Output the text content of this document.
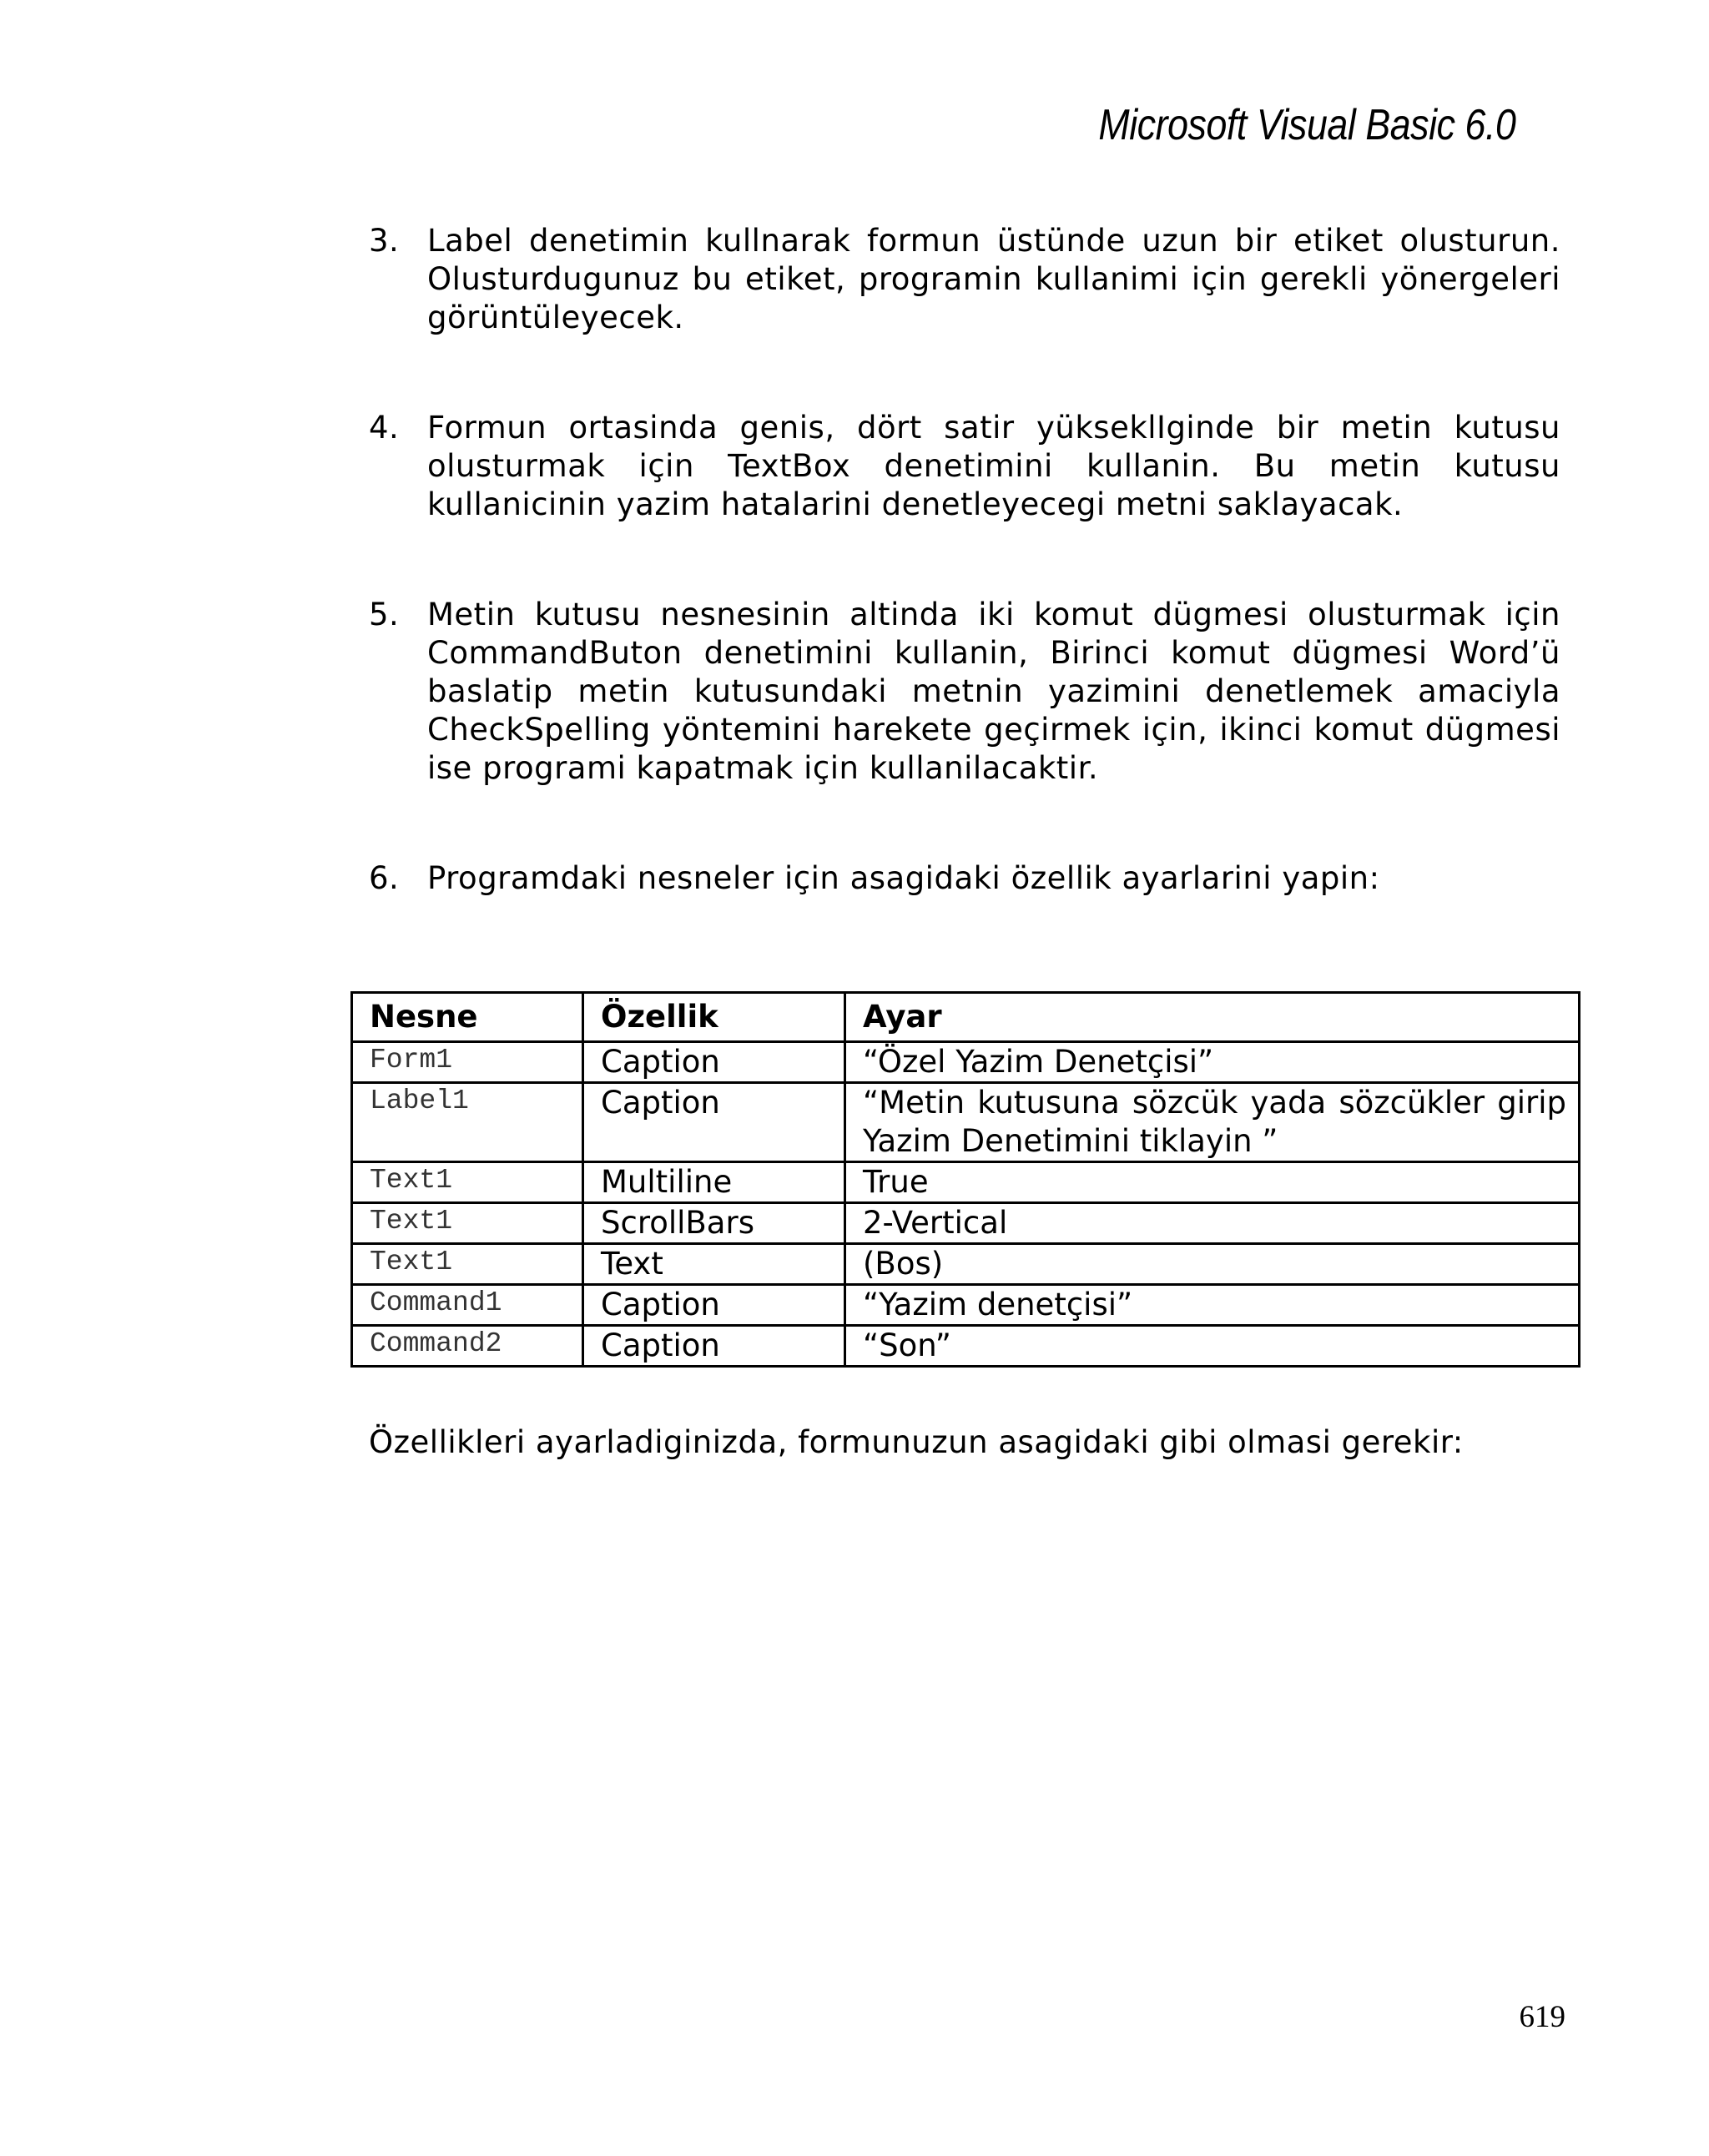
Microsoft Visual Basic 6.0
3. Label denetimin kullnarak formun üstünde uzun bir etiket olusturun. Olusturdugunuz bu etiket, programin kullanimi için gerekli yönergeleri görüntüleyecek.
4. Formun ortasinda genis, dört satir yükseklIginde bir metin kutusu olusturmak için TextBox denetimini kullanin. Bu metin kutusu kullanicinin yazim hatalarini denetleyecegi metni saklayacak.
5. Metin kutusu nesnesinin altinda iki komut dügmesi olusturmak için CommandButon denetimini kullanin, Birinci komut dügmesi Word’ü baslatip metin kutusundaki metnin yazimini denetlemek amaciyla CheckSpelling yöntemini harekete geçirmek için, ikinci komut dügmesi ise programi kapatmak için kullanilacaktir.
6. Programdaki nesneler için asagidaki özellik ayarlarini yapin:
Nesne	Özellik	Ayar
Form1	Caption	“Özel Yazim Denetçisi”
Label1	Caption	“Metin kutusuna sözcük yada sözcükler girip Yazim Denetimini tiklayin ”
Text1	Multiline	True
Text1	ScrollBars	2-Vertical
Text1	Text	(Bos)
Command1	Caption	“Yazim denetçisi”
Command2	Caption	“Son”
Özellikleri ayarladiginizda, formunuzun asagidaki gibi olmasi gerekir:
619
